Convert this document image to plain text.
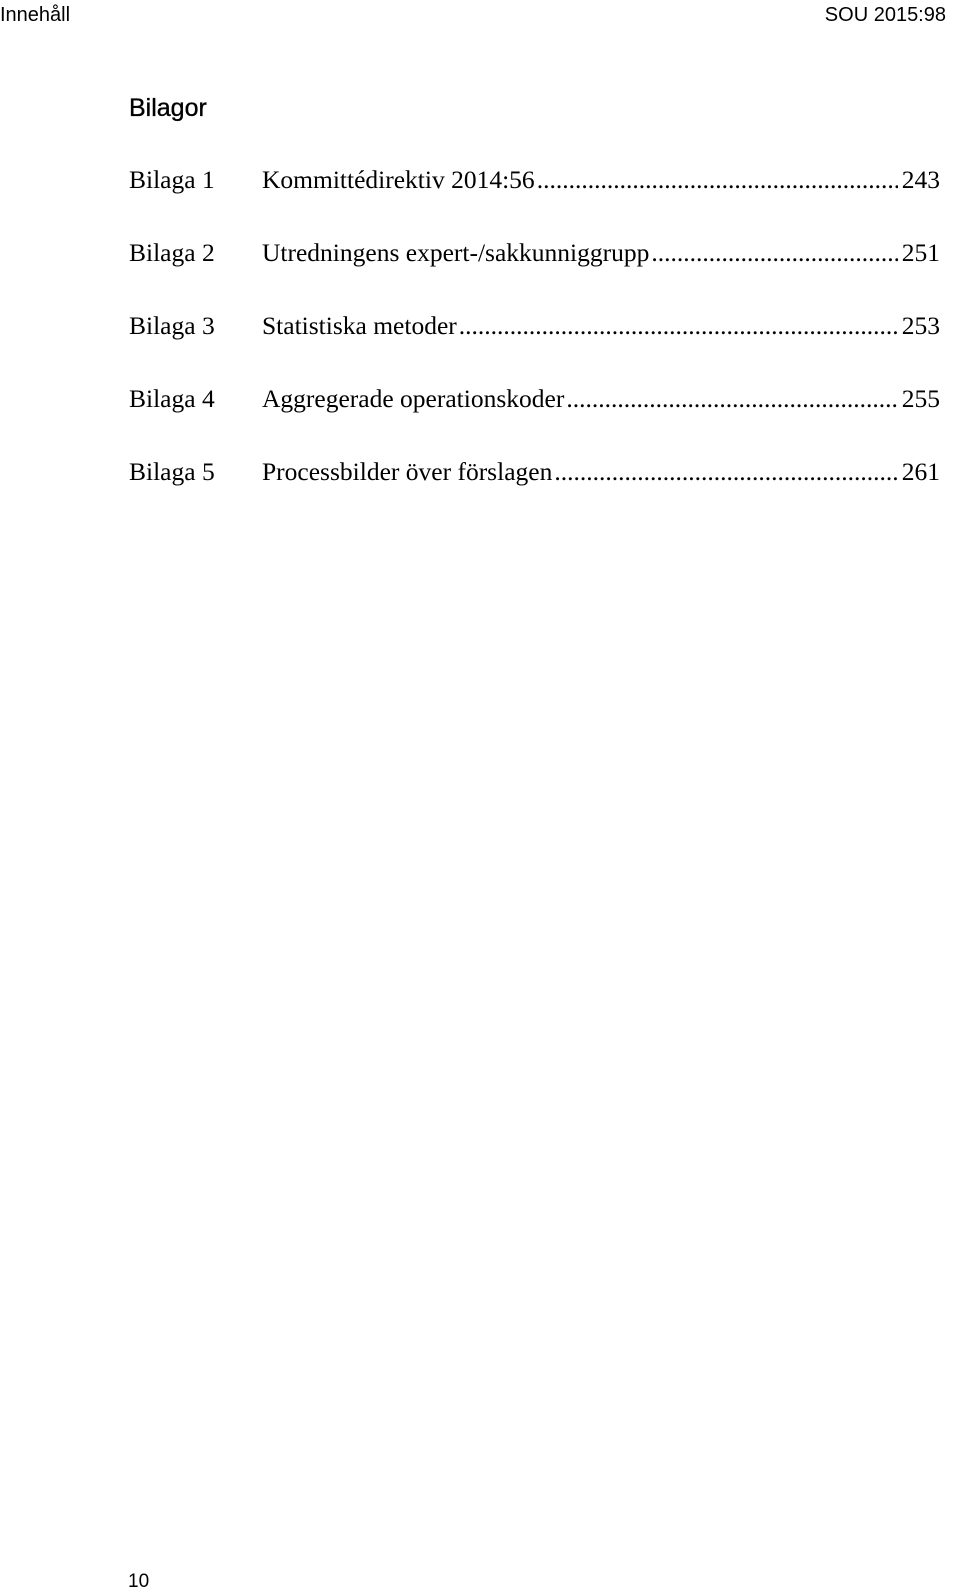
Innehåll	SOU 2015:98
Bilagor
Bilaga 1	Kommittédirektiv 2014:56 .....	243
Bilaga 2	Utredningens expert-/sakkunniggrupp .....	251
Bilaga 3	Statistiska metoder .....	253
Bilaga 4	Aggregerade operationskoder .....	255
Bilaga 5	Processbilder över förslagen .....	261
10
